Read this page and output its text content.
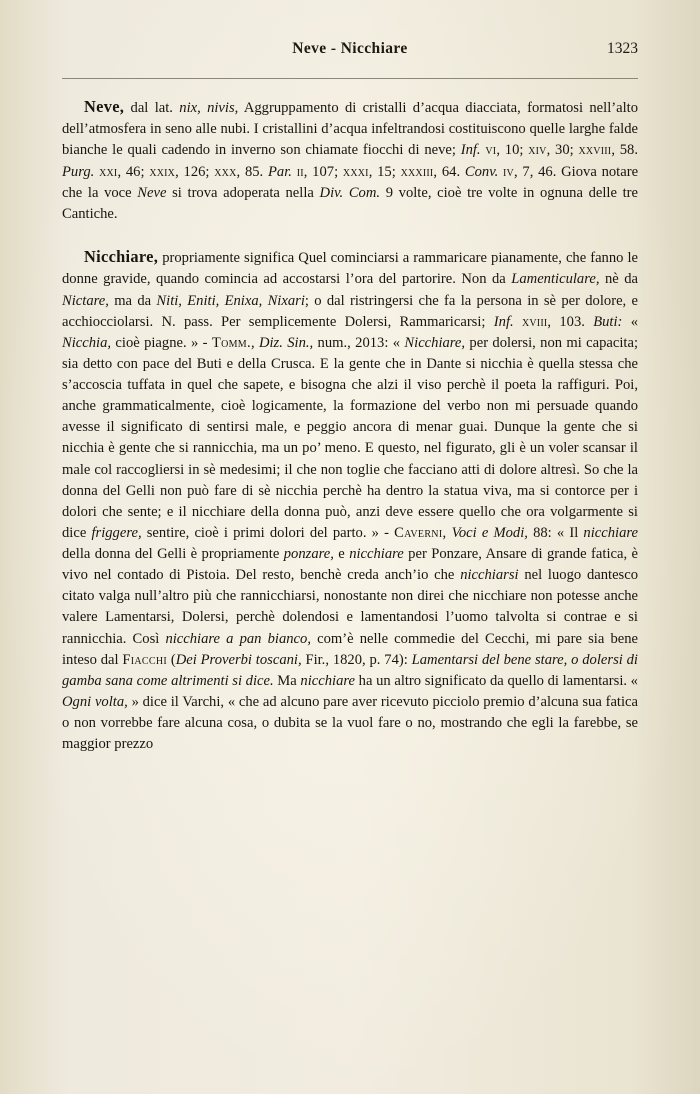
Neve - Nicchiare	1323

Neve, dal lat. nix, nivis, Aggruppamento di cristalli d’acqua diacciata, formatosi nell’alto dell’atmosfera in seno alle nubi. I cristallini d’acqua infeltrandosi costituiscono quelle larghe falde bianche le quali cadendo in inverno son chiamate fiocchi di neve; Inf. vi, 10; xiv, 30; xxviii, 58. Purg. xxi, 46; xxix, 126; xxx, 85. Par. ii, 107; xxxi, 15; xxxiii, 64. Conv. iv, 7, 46. Giova notare che la voce Neve si trova adoperata nella Div. Com. 9 volte, cioè tre volte in ognuna delle tre Cantiche.

Nicchiare, propriamente significa Quel cominciarsi a rammaricare pianamente, che fanno le donne gravide, quando comincia ad accostarsi l’ora del partorire. Non da Lamenticulare, nè da Nictare, ma da Niti, Eniti, Enixa, Nixari; o dal ristringersi che fa la persona in sè per dolore, e acchiocciolarsi. N. pass. Per semplicemente Dolersi, Rammaricarsi; Inf. xviii, 103. Buti: « Nicchia, cioè piagne. » - Tomm., Diz. Sin., num., 2013: « Nicchiare, per dolersi, non mi capacita; sia detto con pace del Buti e della Crusca. E la gente che in Dante si nicchia è quella stessa che s’accoscia tuffata in quel che sapete, e bisogna che alzi il viso perchè il poeta la raffiguri. Poi, anche grammaticalmente, cioè logicamente, la formazione del verbo non mi persuade quando avesse il significato di sentirsi male, e peggio ancora di menar guai. Dunque la gente che si nicchia è gente che si rannicchia, ma un po’ meno. E questo, nel figurato, gli è un voler scansar il male col raccogliersi in sè medesimi; il che non toglie che facciano atti di dolore altresì. So che la donna del Gelli non può fare di sè nicchia perchè ha dentro la statua viva, ma si contorce per i dolori che sente; e il nicchiare della donna può, anzi deve essere quello che ora volgarmente si dice friggere, sentire, cioè i primi dolori del parto. » - Caverni, Voci e Modi, 88: « Il nicchiare della donna del Gelli è propriamente ponzare, e nicchiare per Ponzare, Ansare di grande fatica, è vivo nel contado di Pistoia. Del resto, benchè creda anch’io che nicchiarsi nel luogo dantesco citato valga null’altro più che rannicchiarsi, nonostante non direi che nicchiare non potesse anche valere Lamentarsi, Dolersi, perchè dolendosi e lamentandosi l’uomo talvolta si contrae e si rannicchia. Così nicchiare a pan bianco, com’è nelle commedie del Cecchi, mi pare sia bene inteso dal Fiacchi (Dei Proverbi toscani, Fir., 1820, p. 74): Lamentarsi del bene stare, o dolersi di gamba sana come altrimenti si dice. Ma nicchiare ha un altro significato da quello di lamentarsi. « Ogni volta, » dice il Varchi, « che ad alcuno pare aver ricevuto picciolo premio d’alcuna sua fatica o non vorrebbe fare alcuna cosa, o dubita se la vuol fare o no, mostrando che egli la farebbe, se maggior prezzo
